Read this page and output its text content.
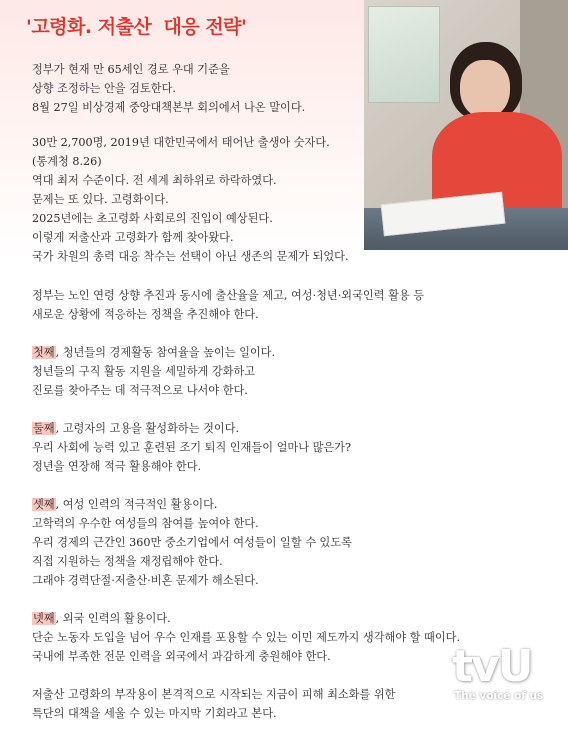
'고령화. 저출산  대응 전략'
정부가 현재 만 65세인 경로 우대 기준을
상향 조정하는 안을 검토한다.
8월 27일 비상경제 중앙대책본부 회의에서 나온 말이다.
30만 2,700명, 2019년 대한민국에서 태어난 출생아 숫자다.
(통계청 8.26)
역대 최저 수준이다. 전 세계 최하위로 하락하였다.
문제는 또 있다. 고령화이다.
2025년에는 초고령화 사회로의 진입이 예상된다.
이렇게 저출산과 고령화가 함께 찾아왔다.
국가 차원의 총력 대응 착수는 선택이 아닌 생존의 문제가 되었다.
정부는 노인 연령 상향 추진과 동시에 출산율을 제고, 여성·청년·외국인력 활용 등
새로운 상황에 적응하는 정책을 추진해야 한다.
첫째, 청년들의 경제활동 참여율을 높이는 일이다.
청년들의 구직 활동 지원을 세밀하게 강화하고
진로를 찾아주는 데 적극적으로 나서야 한다.
둘째, 고령자의 고용을 활성화하는 것이다.
우리 사회에 능력 있고 훈련된 조기 퇴직 인재들이 얼마나 많은가?
정년을 연장해 적극 활용해야 한다.
셋째, 여성 인력의 적극적인 활용이다.
고학력의 우수한 여성들의 참여를 높여야 한다.
우리 경제의 근간인 360만 중소기업에서 여성들이 일할 수 있도록
직접 지원하는 정책을 재정립해야 한다.
그래야 경력단절·저출산·비혼 문제가 해소된다.
넷째, 외국 인력의 활용이다.
단순 노동자 도입을 넘어 우수 인재를 포용할 수 있는 이민 제도까지 생각해야 할 때이다.
국내에 부족한 전문 인력을 외국에서 과감하게 충원해야 한다.
저출산 고령화의 부작용이 본격적으로 시작되는 지금이 피해 최소화를 위한
특단의 대책을 세울 수 있는 마지막 기회라고 본다.
tvU
The voice of us
